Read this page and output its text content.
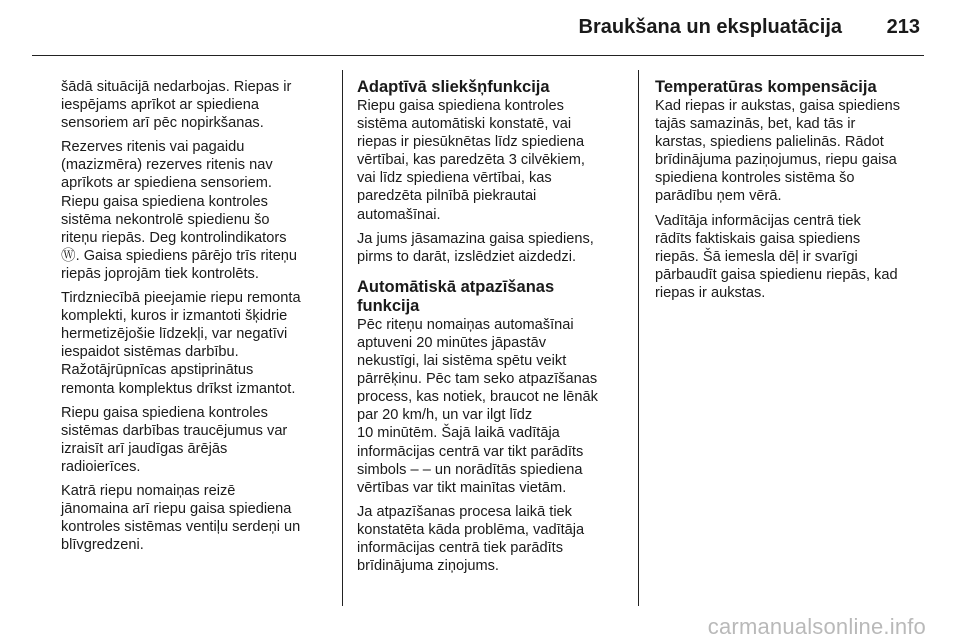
Braukšana un ekspluatācija 213

šādā situācijā nedarbojas. Riepas ir
iespējams aprīkot ar spiediena
sensoriem arī pēc nopirkšanas.

Rezerves ritenis vai pagaidu
(mazizmēra) rezerves ritenis nav
aprīkots ar spiediena sensoriem.
Riepu gaisa spiediena kontroles
sistēma nekontrolē spiedienu šo
riteņu riepās. Deg kontrolindikators
Ⓦ. Gaisa spiediens pārējo trīs riteņu
riepās joprojām tiek kontrolēts.

Tirdzniecībā pieejamie riepu remonta
komplekti, kuros ir izmantoti šķidrie
hermetizējošie līdzekļi, var negatīvi
iespaidot sistēmas darbību.
Ražotājrūpnīcas apstiprinātus
remonta komplektus drīkst izmantot.

Riepu gaisa spiediena kontroles
sistēmas darbības traucējumus var
izraisīt arī jaudīgas ārējās
radioierīces.

Katrā riepu nomaiņas reizē
jānomaina arī riepu gaisa spiediena
kontroles sistēmas ventiļu serdeņi un
blīvgredzeni.

Adaptīvā sliekšņfunkcija

Riepu gaisa spiediena kontroles
sistēma automātiski konstatē, vai
riepas ir piesūknētas līdz spiediena
vērtībai, kas paredzēta 3 cilvēkiem,
vai līdz spiediena vērtībai, kas
paredzēta pilnībā piekrautai
automašīnai.

Ja jums jāsamazina gaisa spiediens,
pirms to darāt, izslēdziet aizdedzi.

Automātiskā atpazīšanas
funkcija

Pēc riteņu nomaiņas automašīnai
aptuveni 20 minūtes jāpastāv
nekustīgi, lai sistēma spētu veikt
pārrēķinu. Pēc tam seko atpazīšanas
process, kas notiek, braucot ne lēnāk
par 20 km/h, un var ilgt līdz
10 minūtēm. Šajā laikā vadītāja
informācijas centrā var tikt parādīts
simbols ‒ ‒ un norādītās spiediena
vērtības var tikt mainītas vietām.

Ja atpazīšanas procesa laikā tiek
konstatēta kāda problēma, vadītāja
informācijas centrā tiek parādīts
brīdinājuma ziņojums.

Temperatūras kompensācija

Kad riepas ir aukstas, gaisa spiediens
tajās samazinās, bet, kad tās ir
karstas, spiediens palielinās. Rādot
brīdinājuma paziņojumus, riepu gaisa
spiediena kontroles sistēma šo
parādību ņem vērā.

Vadītāja informācijas centrā tiek
rādīts faktiskais gaisa spiediens
riepās. Šā iemesla dēļ ir svarīgi
pārbaudīt gaisa spiedienu riepās, kad
riepas ir aukstas.

carmanualsonline.info
